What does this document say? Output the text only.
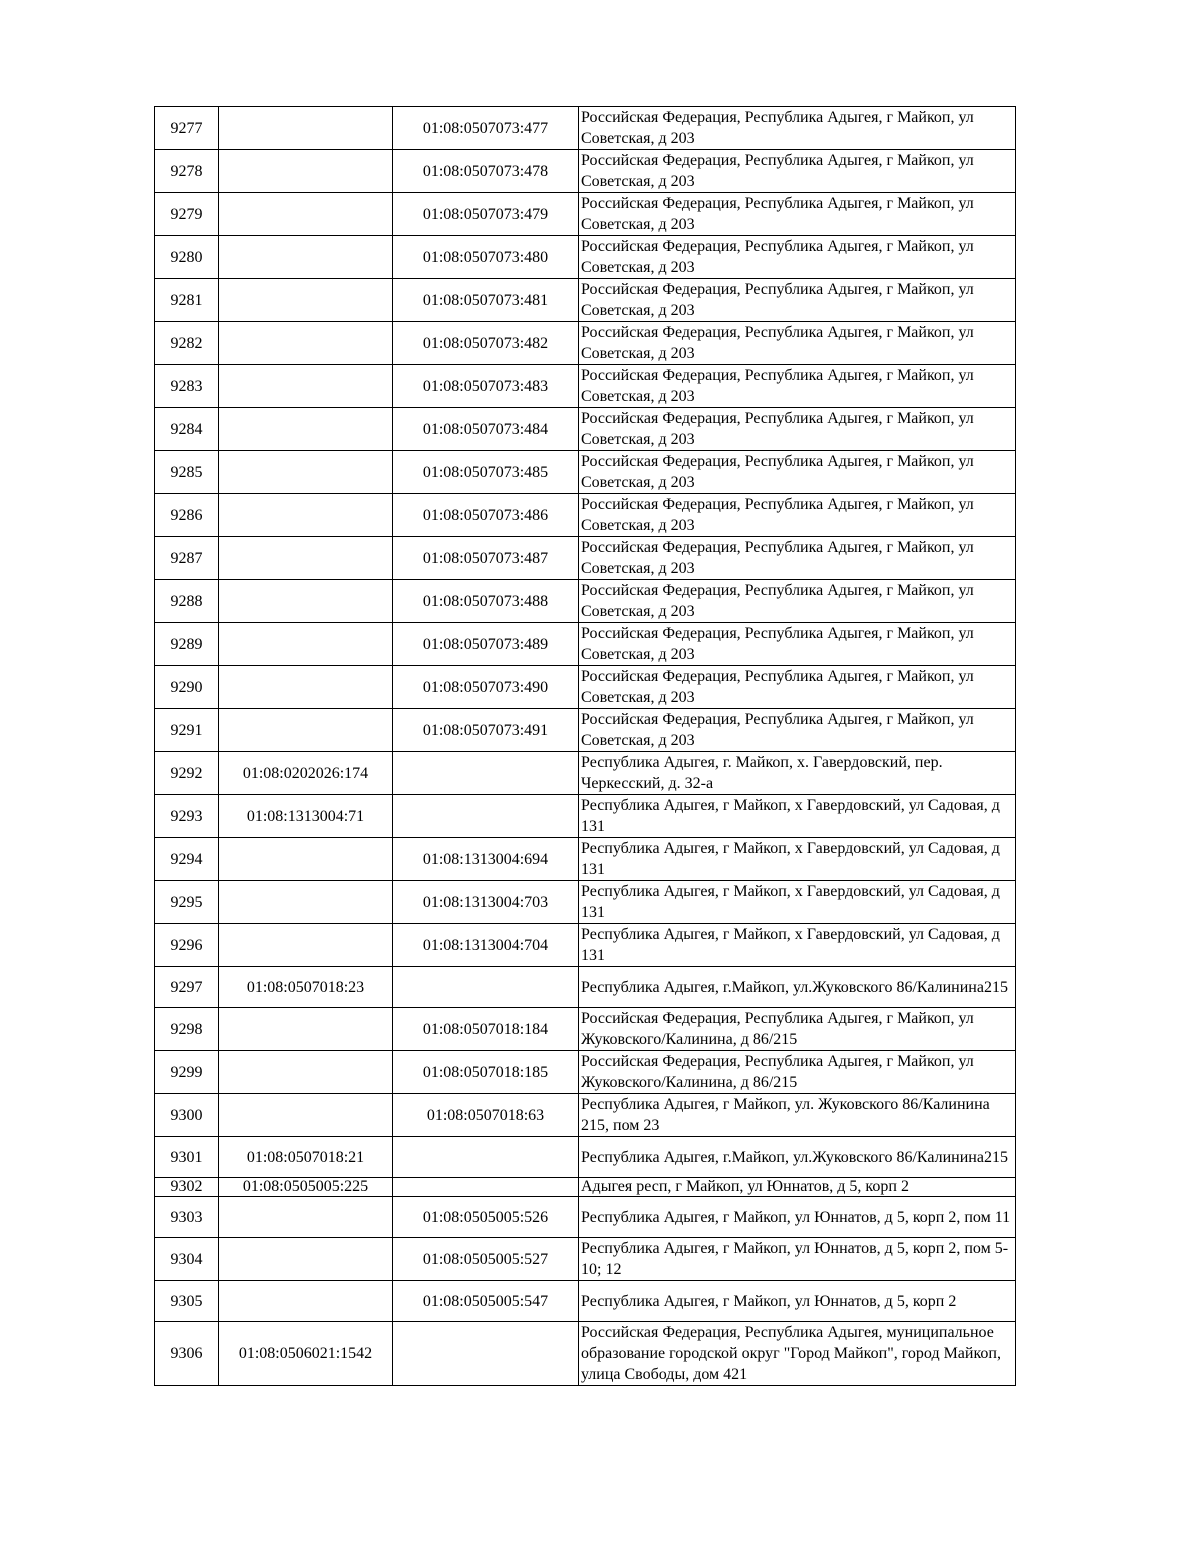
9277		01:08:0507073:477	Российская Федерация, Республика Адыгея, г Майкоп, ул Советская, д 203
9278		01:08:0507073:478	Российская Федерация, Республика Адыгея, г Майкоп, ул Советская, д 203
9279		01:08:0507073:479	Российская Федерация, Республика Адыгея, г Майкоп, ул Советская, д 203
9280		01:08:0507073:480	Российская Федерация, Республика Адыгея, г Майкоп, ул Советская, д 203
9281		01:08:0507073:481	Российская Федерация, Республика Адыгея, г Майкоп, ул Советская, д 203
9282		01:08:0507073:482	Российская Федерация, Республика Адыгея, г Майкоп, ул Советская, д 203
9283		01:08:0507073:483	Российская Федерация, Республика Адыгея, г Майкоп, ул Советская, д 203
9284		01:08:0507073:484	Российская Федерация, Республика Адыгея, г Майкоп, ул Советская, д 203
9285		01:08:0507073:485	Российская Федерация, Республика Адыгея, г Майкоп, ул Советская, д 203
9286		01:08:0507073:486	Российская Федерация, Республика Адыгея, г Майкоп, ул Советская, д 203
9287		01:08:0507073:487	Российская Федерация, Республика Адыгея, г Майкоп, ул Советская, д 203
9288		01:08:0507073:488	Российская Федерация, Республика Адыгея, г Майкоп, ул Советская, д 203
9289		01:08:0507073:489	Российская Федерация, Республика Адыгея, г Майкоп, ул Советская, д 203
9290		01:08:0507073:490	Российская Федерация, Республика Адыгея, г Майкоп, ул Советская, д 203
9291		01:08:0507073:491	Российская Федерация, Республика Адыгея, г Майкоп, ул Советская, д 203
9292	01:08:0202026:174		Республика Адыгея, г. Майкоп, х. Гавердовский, пер. Черкесский, д. 32-а
9293	01:08:1313004:71		Республика Адыгея, г Майкоп, х Гавердовский, ул Садовая, д 131
9294		01:08:1313004:694	Республика Адыгея, г Майкоп, х Гавердовский, ул Садовая, д 131
9295		01:08:1313004:703	Республика Адыгея, г Майкоп, х Гавердовский, ул Садовая, д 131
9296		01:08:1313004:704	Республика Адыгея, г Майкоп, х Гавердовский, ул Садовая, д 131
9297	01:08:0507018:23		Республика Адыгея, г.Майкоп, ул.Жуковского 86/Калинина215
9298		01:08:0507018:184	Российская Федерация, Республика Адыгея, г Майкоп, ул Жуковского/Калинина, д 86/215
9299		01:08:0507018:185	Российская Федерация, Республика Адыгея, г Майкоп, ул Жуковского/Калинина, д 86/215
9300		01:08:0507018:63	Республика Адыгея, г Майкоп, ул. Жуковского 86/Калинина 215, пом 23
9301	01:08:0507018:21		Республика Адыгея, г.Майкоп, ул.Жуковского 86/Калинина215
9302	01:08:0505005:225		Адыгея респ, г Майкоп, ул Юннатов, д 5, корп 2
9303		01:08:0505005:526	Республика Адыгея, г Майкоп, ул Юннатов, д 5, корп 2, пом 11
9304		01:08:0505005:527	Республика Адыгея, г Майкоп, ул Юннатов, д 5, корп 2, пом 5-10; 12
9305		01:08:0505005:547	Республика Адыгея, г Майкоп, ул Юннатов, д 5, корп 2
9306	01:08:0506021:1542		Российская Федерация, Республика Адыгея, муниципальное образование городской округ "Город Майкоп", город Майкоп, улица Свободы, дом 421
